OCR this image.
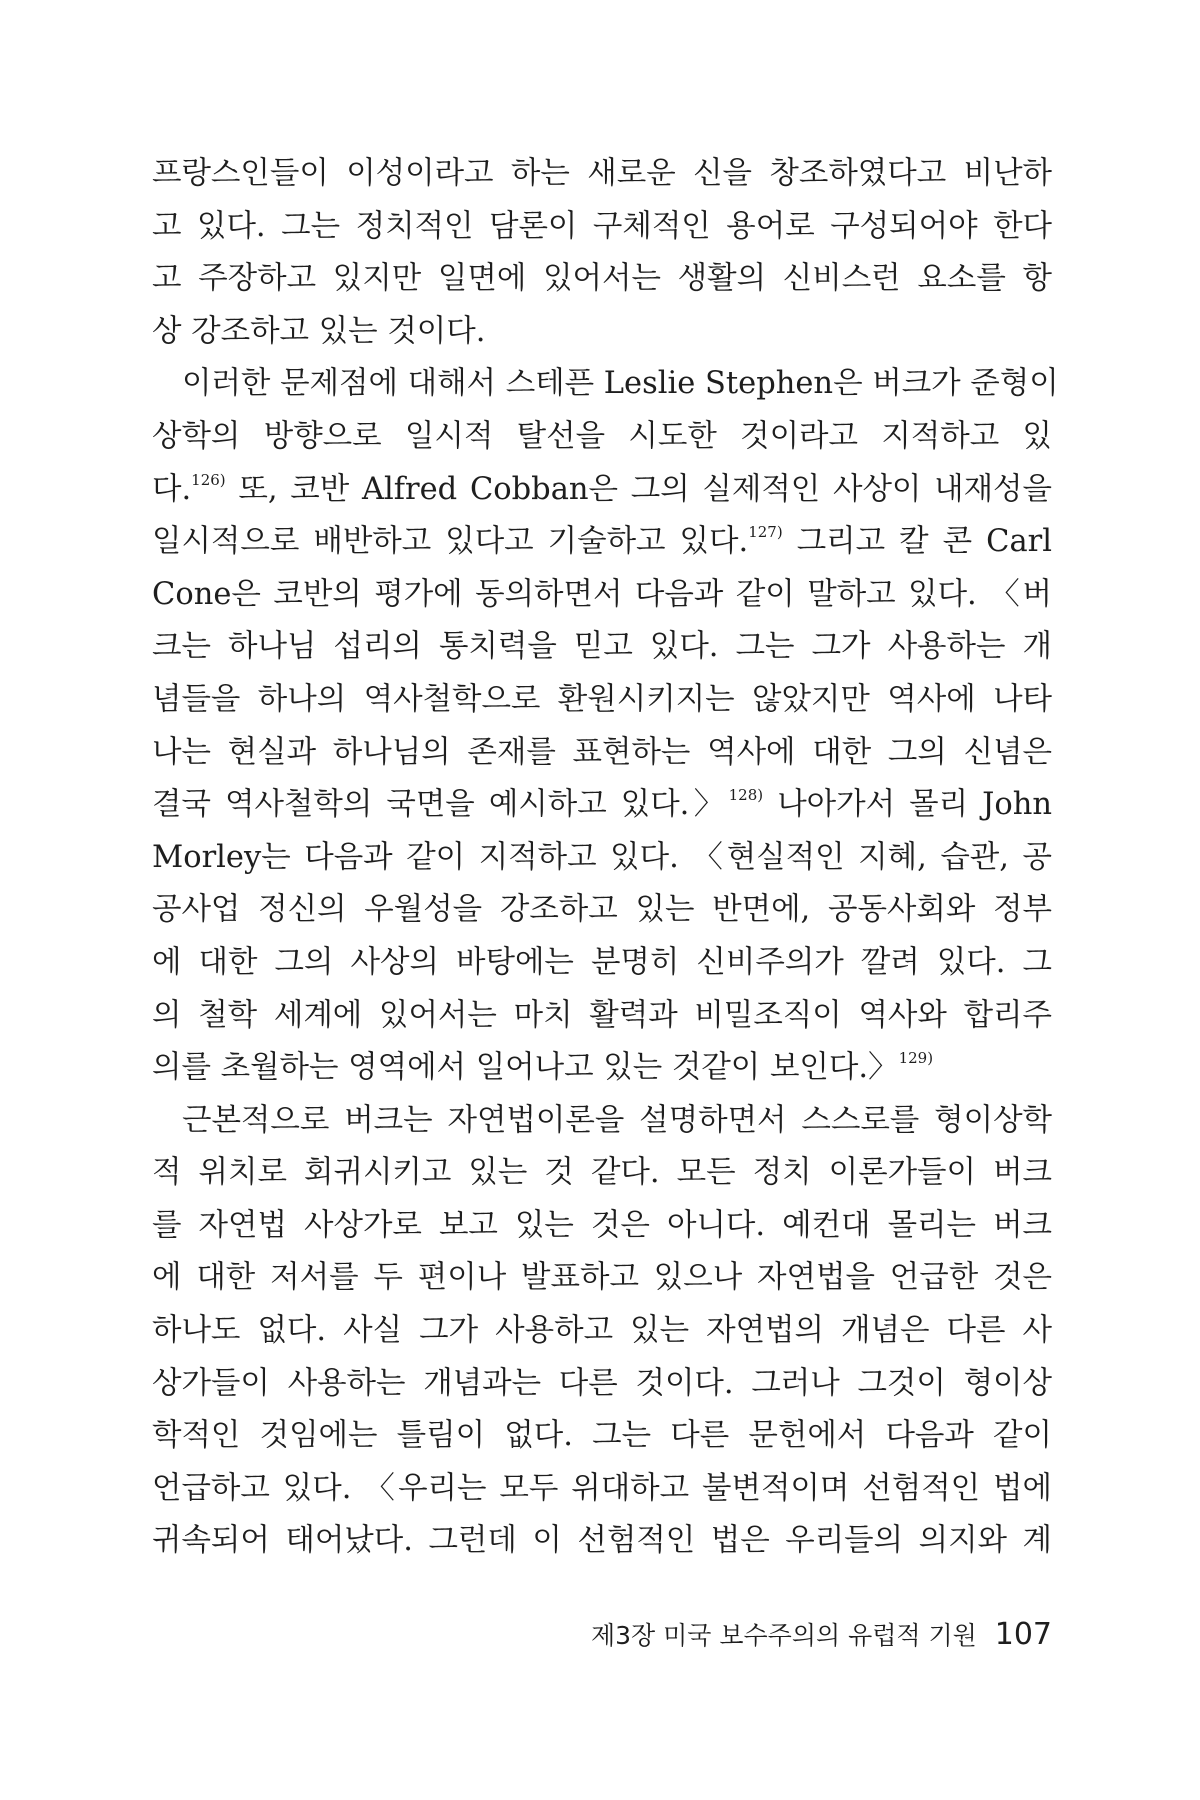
프랑스인들이 이성이라고 하는 새로운 신을 창조하였다고 비난하
고 있다. 그는 정치적인 담론이 구체적인 용어로 구성되어야 한다
고 주장하고 있지만 일면에 있어서는 생활의 신비스런 요소를 항
상 강조하고 있는 것이다.

이러한 문제점에 대해서 스테픈 Leslie Stephen은 버크가 준형이
상학의 방향으로 일시적 탈선을 시도한 것이라고 지적하고 있
다.$^{126)}$ 또, 코반 Alfred Cobban은 그의 실제적인 사상이 내재성을
일시적으로 배반하고 있다고 기술하고 있다.$^{127)}$ 그리고 칼 콘 Carl
Cone은 코반의 평가에 동의하면서 다음과 같이 말하고 있다. 〈버
크는 하나님 섭리의 통치력을 믿고 있다. 그는 그가 사용하는 개
념들을 하나의 역사철학으로 환원시키지는 않았지만 역사에 나타
나는 현실과 하나님의 존재를 표현하는 역사에 대한 그의 신념은
결국 역사철학의 국면을 예시하고 있다.〉$^{128)}$ 나아가서 몰리 John
Morley는 다음과 같이 지적하고 있다. 〈현실적인 지혜, 습관, 공
공사업 정신의 우월성을 강조하고 있는 반면에, 공동사회와 정부
에 대한 그의 사상의 바탕에는 분명히 신비주의가 깔려 있다. 그
의 철학 세계에 있어서는 마치 활력과 비밀조직이 역사와 합리주
의를 초월하는 영역에서 일어나고 있는 것같이 보인다.〉$^{129)}$

근본적으로 버크는 자연법이론을 설명하면서 스스로를 형이상학
적 위치로 회귀시키고 있는 것 같다. 모든 정치 이론가들이 버크
를 자연법 사상가로 보고 있는 것은 아니다. 예컨대 몰리는 버크
에 대한 저서를 두 편이나 발표하고 있으나 자연법을 언급한 것은
하나도 없다. 사실 그가 사용하고 있는 자연법의 개념은 다른 사
상가들이 사용하는 개념과는 다른 것이다. 그러나 그것이 형이상
학적인 것임에는 틀림이 없다. 그는 다른 문헌에서 다음과 같이
언급하고 있다. 〈우리는 모두 위대하고 불변적이며 선험적인 법에
귀속되어 태어났다. 그런데 이 선험적인 법은 우리들의 의지와 계

제3장 미국 보수주의의 유럽적 기원 107
